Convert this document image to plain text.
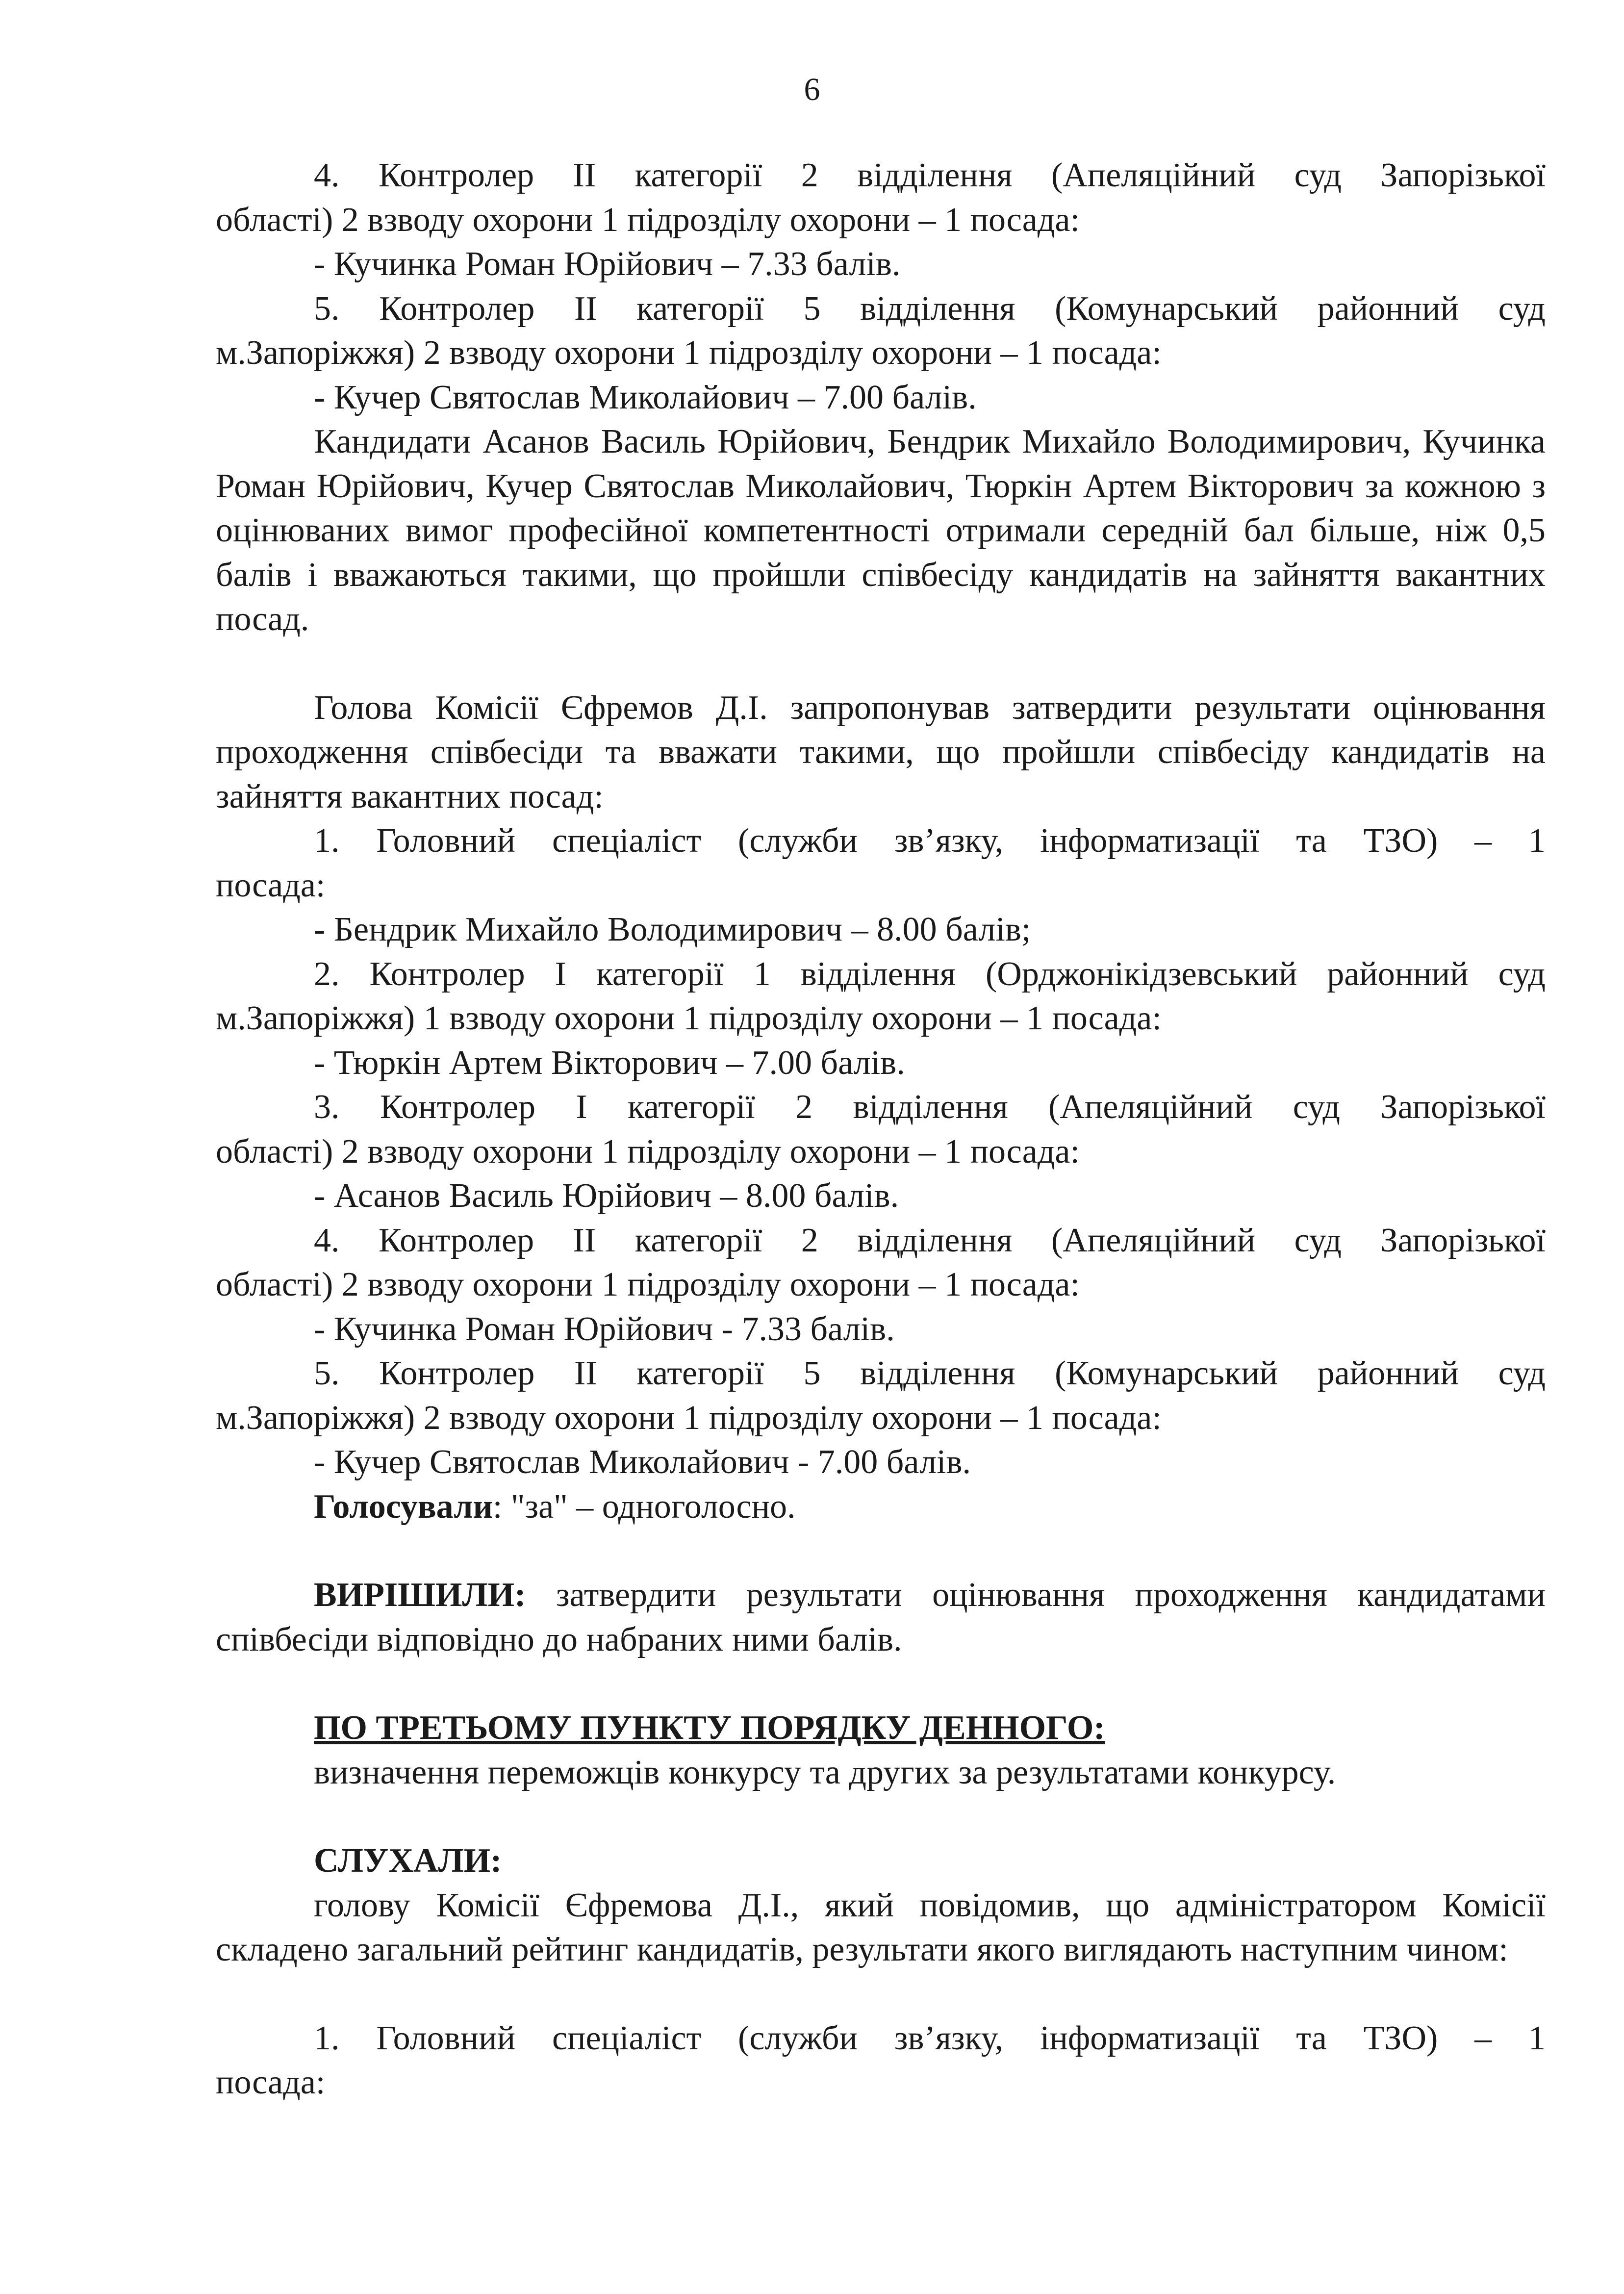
6

4. Контролер ІІ категорії 2 відділення (Апеляційний суд Запорізької

області) 2 взводу охорони 1 підрозділу охорони – 1 посада:

- Кучинка Роман Юрійович – 7.33 балів.

5. Контролер ІІ категорії 5 відділення (Комунарський районний суд

м.Запоріжжя) 2 взводу охорони 1 підрозділу охорони – 1 посада:

- Кучер Святослав Миколайович – 7.00 балів.

Кандидати Асанов Василь Юрійович, Бендрик Михайло Володимирович, Кучинка Роман Юрійович, Кучер Святослав Миколайович, Тюркін Артем Вікторович за кожною з оцінюваних вимог професійної компетентності отримали середній бал більше, ніж 0,5 балів і вважаються такими, що пройшли співбесіду кандидатів на зайняття вакантних посад.

Голова Комісії Єфремов Д.І. запропонував затвердити результати оцінювання проходження співбесіди та вважати такими, що пройшли співбесіду кандидатів на зайняття вакантних посад:

1. Головний спеціаліст (служби зв’язку, інформатизації та ТЗО) – 1

посада:

- Бендрик Михайло Володимирович – 8.00 балів;

2. Контролер І категорії 1 відділення (Орджонікідзевський районний суд

м.Запоріжжя) 1 взводу охорони 1 підрозділу охорони – 1 посада:

- Тюркін Артем Вікторович – 7.00 балів.

3. Контролер І категорії 2 відділення (Апеляційний суд Запорізької

області) 2 взводу охорони 1 підрозділу охорони – 1 посада:

- Асанов Василь Юрійович – 8.00 балів.

4. Контролер ІІ категорії 2 відділення (Апеляційний суд Запорізької

області) 2 взводу охорони 1 підрозділу охорони – 1 посада:

- Кучинка Роман Юрійович - 7.33 балів.

5. Контролер ІІ категорії 5 відділення (Комунарський районний суд

м.Запоріжжя) 2 взводу охорони 1 підрозділу охорони – 1 посада:

- Кучер Святослав Миколайович - 7.00 балів.

Голосували: "за" – одноголосно.

ВИРІШИЛИ: затвердити результати оцінювання проходження кандидатами співбесіди відповідно до набраних ними балів.

ПО ТРЕТЬОМУ ПУНКТУ ПОРЯДКУ ДЕННОГО:

визначення переможців конкурсу та других за результатами конкурсу.

СЛУХАЛИ:

голову Комісії Єфремова Д.І., який повідомив, що адміністратором Комісії складено загальний рейтинг кандидатів, результати якого виглядають наступним чином:

1. Головний спеціаліст (служби зв’язку, інформатизації та ТЗО) – 1

посада:
